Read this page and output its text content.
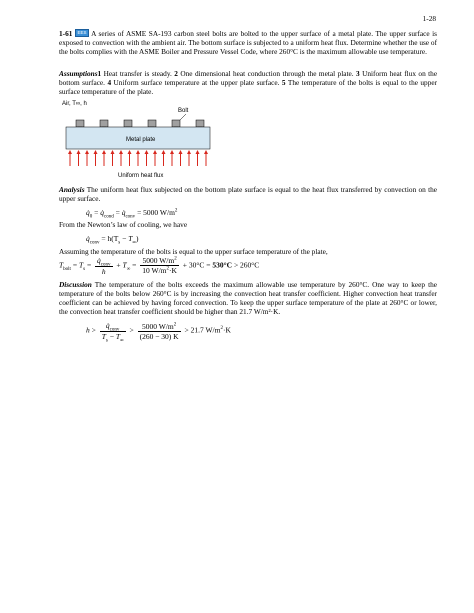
1-28
1-61 EES A series of ASME SA-193 carbon steel bolts are bolted to the upper surface of a metal plate. The upper surface is exposed to convection with the ambient air. The bottom surface is subjected to a uniform heat flux. Determine whether the use of the bolts complies with the ASME Boiler and Pressure Vessel Code, where 260°C is the maximum allowable use temperature.
Assumptions1 Heat transfer is steady. 2 One dimensional heat conduction through the metal plate. 3 Uniform heat flux on the bottom surface. 4 Uniform surface temperature at the upper plate surface. 5 The temperature of the bolts is equal to the upper surface temperature of the plate.
Air, T∞, h
Bolt
Metal plate
Uniform heat flux
Analysis The uniform heat flux subjected on the bottom plate surface is equal to the heat flux transferred by convection on the upper surface.
$q̇_0$ = $q̇_{cond}$ = $q̇_{conv} = 5000$ $W/m^2$
From the Newton’s law of cooling, we have
$q̇_{conv} = h(T_s - T_\infty)$
Assuming the temperature of the bolts is equal to the upper surface temperature of the plate,
$T_{bolt} = T_s = \frac{q̇_{conv}}{h} + T_\infty = \frac{5000 W/m^2}{10 W/m^2\cdot K} + 30^\circ C = 530^\circ C > 260^\circ C$
Discussion The temperature of the bolts exceeds the maximum allowable use temperature by 260°C. One way to keep the temperature of the bolts below 260°C is by increasing the convection heat transfer coefficient. Higher convection heat transfer coefficient can be achieved by having forced convection. To keep the upper surface temperature of the plate at 260°C or lower, the convection heat transfer coefficient should be higher than 21.7 W/m²·K.
$h > \frac{q̇_{conv}}{T_s - T_\infty} > \frac{5000 W/m^2}{(260 - 30) K} > 21.7$ $W/m^2\cdot K$
